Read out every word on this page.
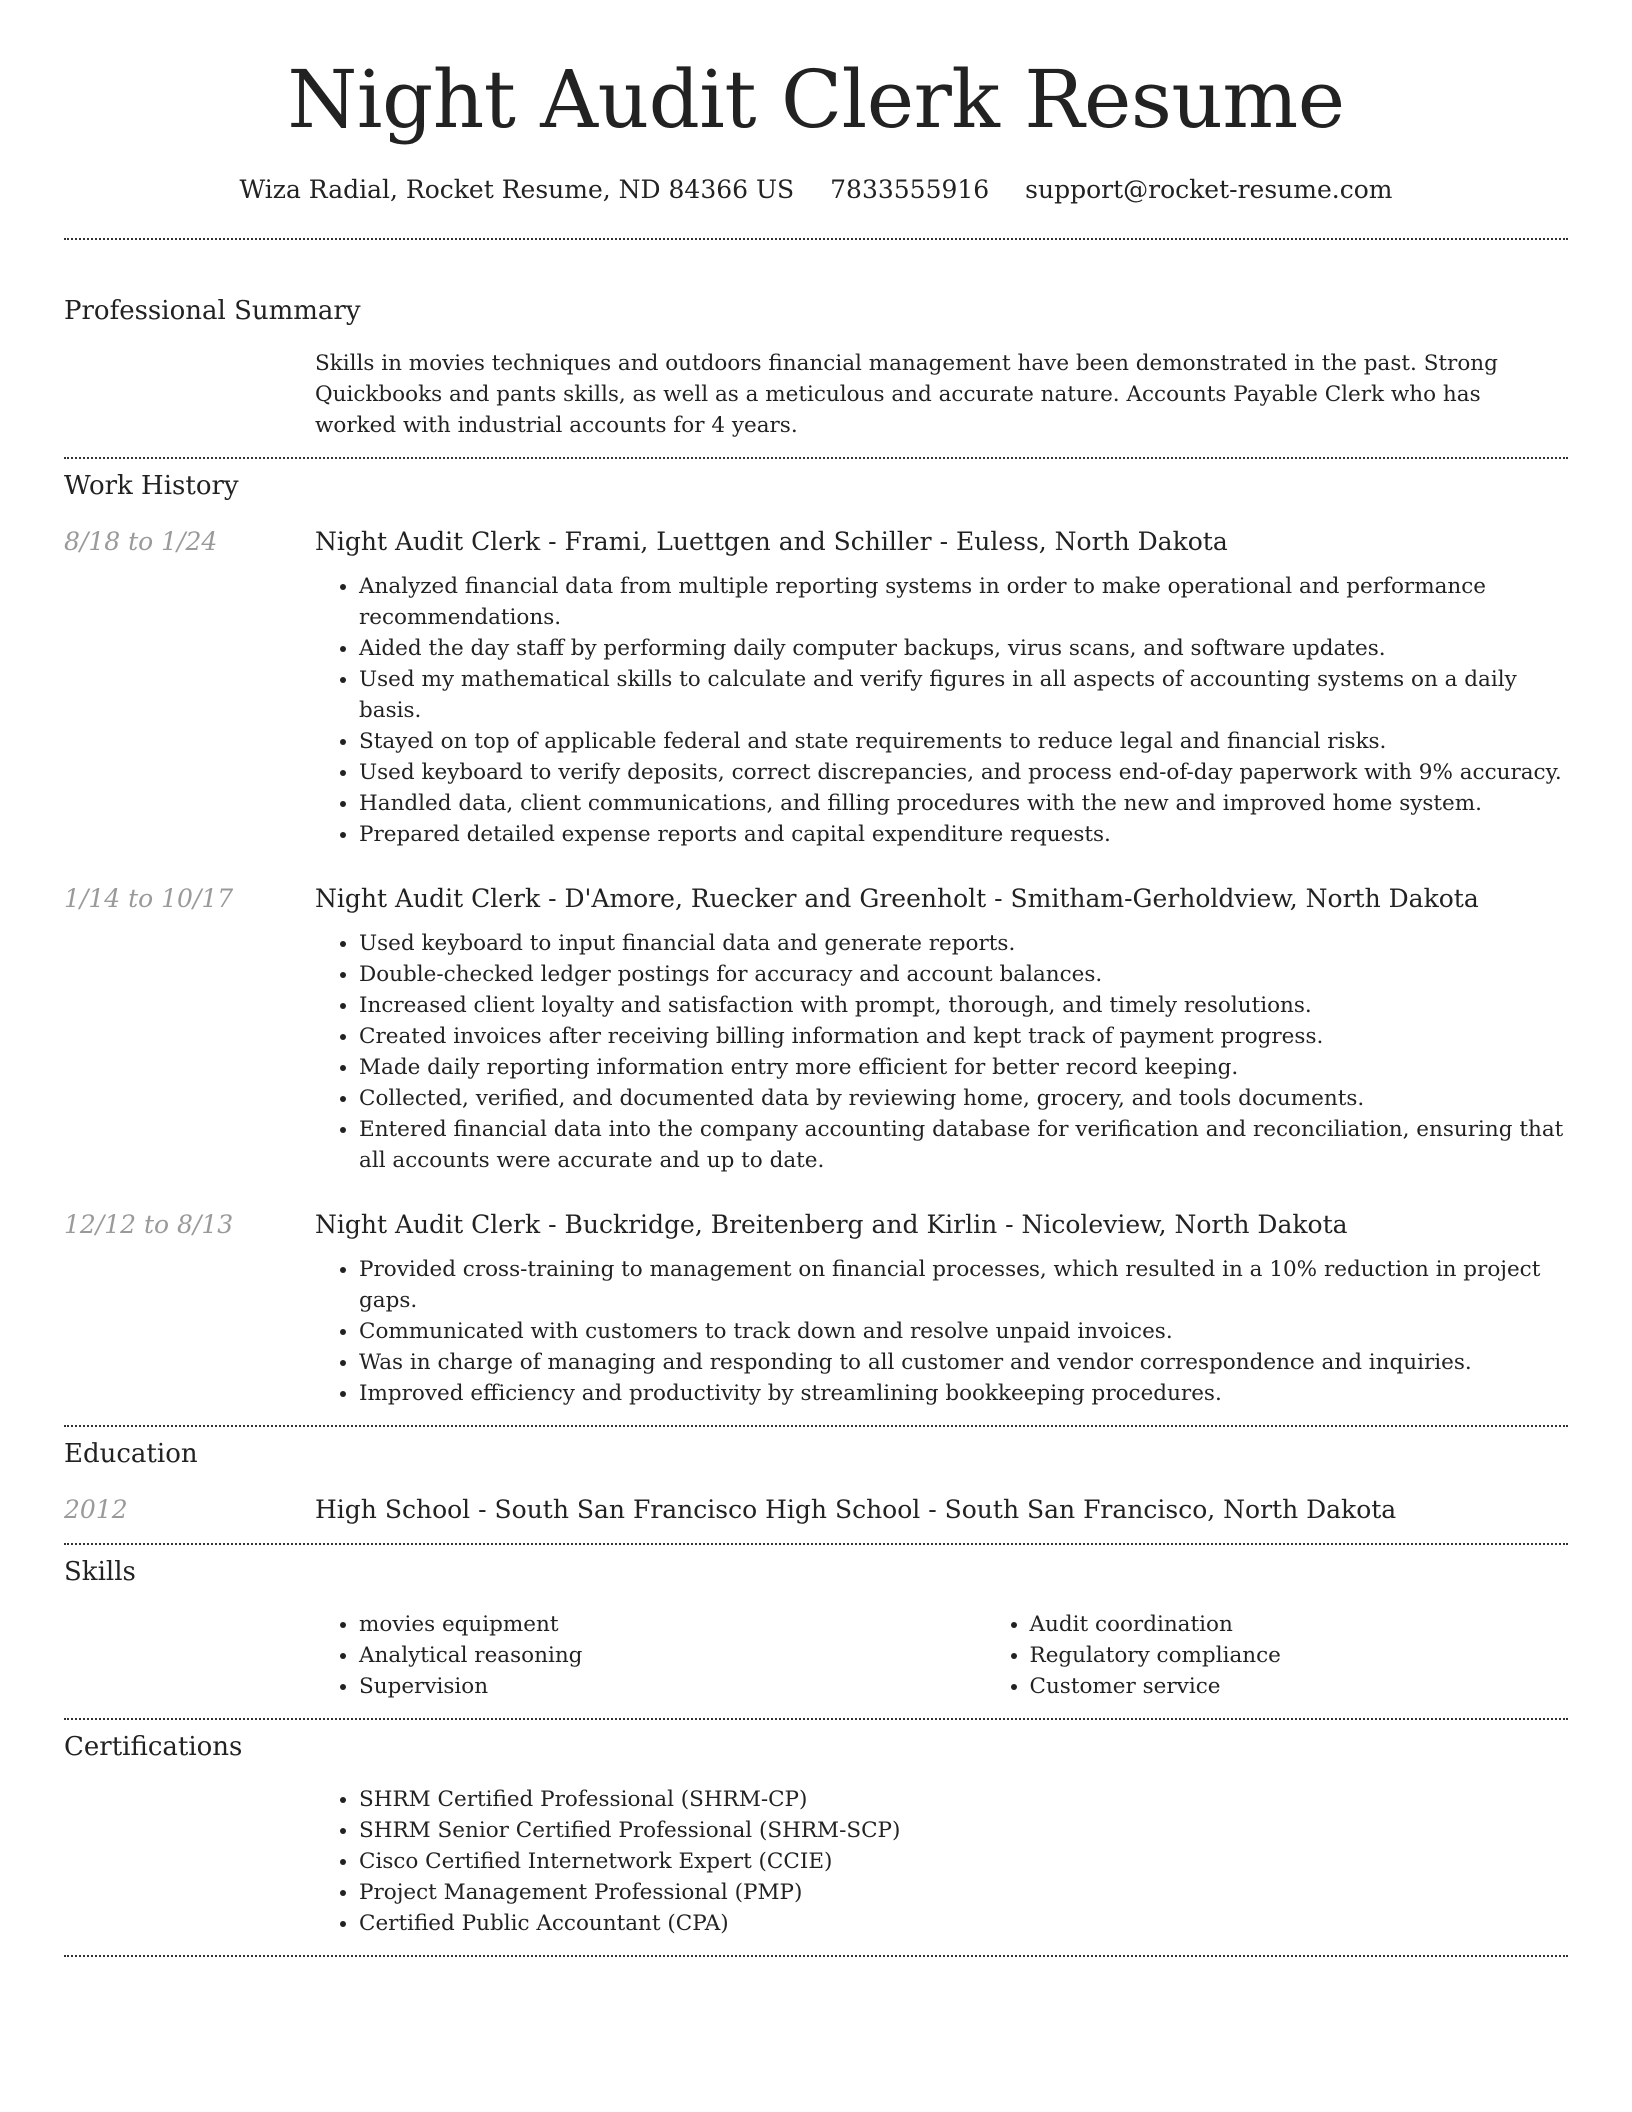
Night Audit Clerk Resume
Wiza Radial, Rocket Resume, ND 84366 US 7833555916 support@rocket-resume.com
Professional Summary
Skills in movies techniques and outdoors financial management have been demonstrated in the past. Strong Quickbooks and pants skills, as well as a meticulous and accurate nature. Accounts Payable Clerk who has worked with industrial accounts for 4 years.
Work History
8/18 to 1/24	Night Audit Clerk - Frami, Luettgen and Schiller - Euless, North Dakota
• Analyzed financial data from multiple reporting systems in order to make operational and performance recommendations.
• Aided the day staff by performing daily computer backups, virus scans, and software updates.
• Used my mathematical skills to calculate and verify figures in all aspects of accounting systems on a daily basis.
• Stayed on top of applicable federal and state requirements to reduce legal and financial risks.
• Used keyboard to verify deposits, correct discrepancies, and process end-of-day paperwork with 9% accuracy.
• Handled data, client communications, and filling procedures with the new and improved home system.
• Prepared detailed expense reports and capital expenditure requests.
1/14 to 10/17	Night Audit Clerk - D'Amore, Ruecker and Greenholt - Smitham-Gerholdview, North Dakota
• Used keyboard to input financial data and generate reports.
• Double-checked ledger postings for accuracy and account balances.
• Increased client loyalty and satisfaction with prompt, thorough, and timely resolutions.
• Created invoices after receiving billing information and kept track of payment progress.
• Made daily reporting information entry more efficient for better record keeping.
• Collected, verified, and documented data by reviewing home, grocery, and tools documents.
• Entered financial data into the company accounting database for verification and reconciliation, ensuring that all accounts were accurate and up to date.
12/12 to 8/13	Night Audit Clerk - Buckridge, Breitenberg and Kirlin - Nicoleview, North Dakota
• Provided cross-training to management on financial processes, which resulted in a 10% reduction in project gaps.
• Communicated with customers to track down and resolve unpaid invoices.
• Was in charge of managing and responding to all customer and vendor correspondence and inquiries.
• Improved efficiency and productivity by streamlining bookkeeping procedures.
Education
2012	High School - South San Francisco High School - South San Francisco, North Dakota
Skills
• movies equipment
• Analytical reasoning
• Supervision
• Audit coordination
• Regulatory compliance
• Customer service
Certifications
• SHRM Certified Professional (SHRM-CP)
• SHRM Senior Certified Professional (SHRM-SCP)
• Cisco Certified Internetwork Expert (CCIE)
• Project Management Professional (PMP)
• Certified Public Accountant (CPA)
